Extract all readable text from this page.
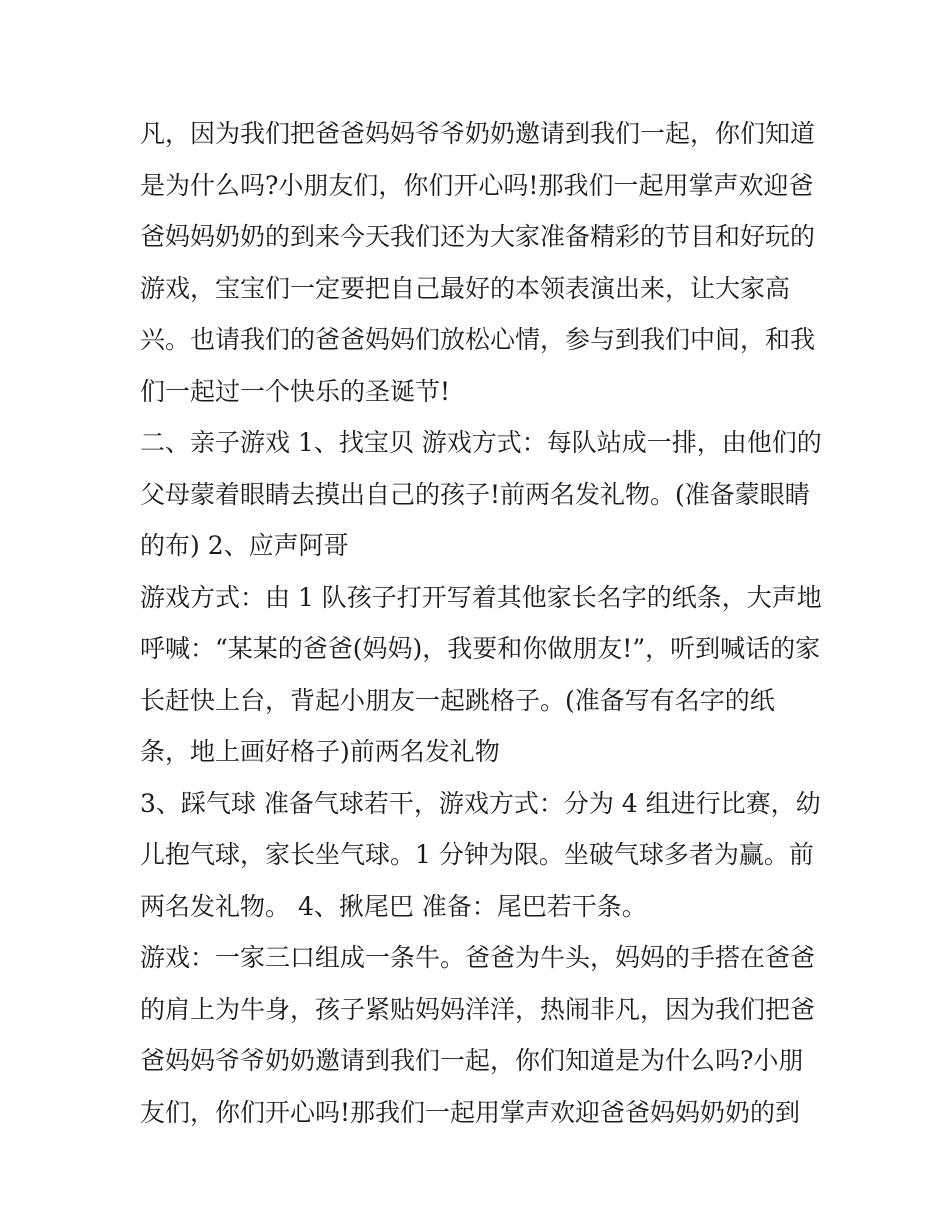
凡，因为我们把爸爸妈妈爷爷奶奶邀请到我们一起，你们知道
是为什么吗?小朋友们，你们开心吗!那我们一起用掌声欢迎爸
爸妈妈奶奶的到来今天我们还为大家准备精彩的节目和好玩的
游戏，宝宝们一定要把自己最好的本领表演出来，让大家高
兴。也请我们的爸爸妈妈们放松心情，参与到我们中间，和我
们一起过一个快乐的圣诞节!
二、亲子游戏 1、找宝贝 游戏方式：每队站成一排，由他们的
父母蒙着眼睛去摸出自己的孩子!前两名发礼物。(准备蒙眼睛
的布) 2、应声阿哥
游戏方式：由 1 队孩子打开写着其他家长名字的纸条，大声地
呼喊：“某某的爸爸(妈妈)，我要和你做朋友!”，听到喊话的家
长赶快上台，背起小朋友一起跳格子。(准备写有名字的纸
条，地上画好格子)前两名发礼物
3、踩气球 准备气球若干，游戏方式：分为 4 组进行比赛，幼
儿抱气球，家长坐气球。1 分钟为限。坐破气球多者为赢。前
两名发礼物。 4、揪尾巴 准备：尾巴若干条。
游戏：一家三口组成一条牛。爸爸为牛头，妈妈的手搭在爸爸
的肩上为牛身，孩子紧贴妈妈洋洋，热闹非凡，因为我们把爸
爸妈妈爷爷奶奶邀请到我们一起，你们知道是为什么吗?小朋
友们，你们开心吗!那我们一起用掌声欢迎爸爸妈妈奶奶的到
